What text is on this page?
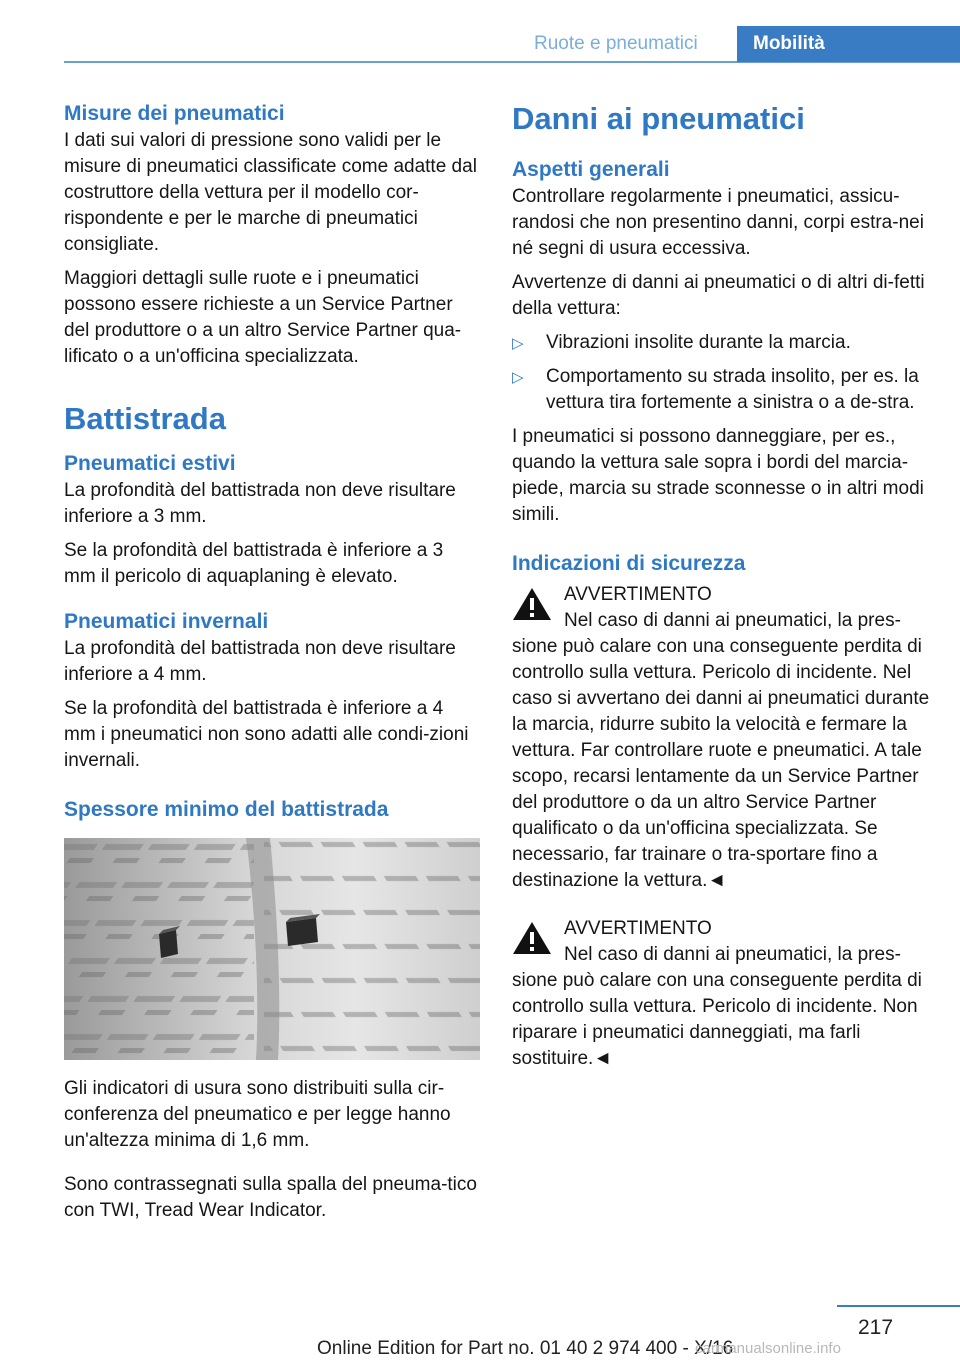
Ruote e pneumatici	Mobilità
Misure dei pneumatici

I dati sui valori di pressione sono validi per le misure di pneumatici classificate come adatte dal costruttore della vettura per il modello cor-rispondente e per le marche di pneumatici consigliate.

Maggiori dettagli sulle ruote e i pneumatici possono essere richieste a un Service Partner del produttore o a un altro Service Partner qua-lificato o a un'officina specializzata.

Battistrada
Pneumatici estivi

La profondità del battistrada non deve risultare inferiore a 3 mm.

Se la profondità del battistrada è inferiore a 3 mm il pericolo di aquaplaning è elevato.

Pneumatici invernali

La profondità del battistrada non deve risultare inferiore a 4 mm.

Se la profondità del battistrada è inferiore a 4 mm i pneumatici non sono adatti alle condi-zioni invernali.

Spessore minimo del battistrada

Gli indicatori di usura sono distribuiti sulla cir-conferenza del pneumatico e per legge hanno un'altezza minima di 1,6 mm.

Sono contrassegnati sulla spalla del pneuma-tico con TWI, Tread Wear Indicator.

Danni ai pneumatici
Aspetti generali

Controllare regolarmente i pneumatici, assicu-randosi che non presentino danni, corpi estra-nei né segni di usura eccessiva.

Avvertenze di danni ai pneumatici o di altri di-fetti della vettura:

▷ Vibrazioni insolite durante la marcia.
▷ Comportamento su strada insolito, per es. la vettura tira fortemente a sinistra o a de-stra.

I pneumatici si possono danneggiare, per es., quando la vettura sale sopra i bordi del marcia-piede, marcia su strade sconnesse o in altri modi simili.

Indicazioni di sicurezza
AVVERTIMENTO
Nel caso di danni ai pneumatici, la pres-
sione può calare con una conseguente perdita di controllo sulla vettura. Pericolo di incidente. Nel caso si avvertano dei danni ai pneumatici durante la marcia, ridurre subito la velocità e fermare la vettura. Far controllare ruote e pneumatici. A tale scopo, recarsi lentamente da un Service Partner del produttore o da un altro Service Partner qualificato o da un'officina specializzata. Se necessario, far trainare o tra-sportare fino a destinazione la vettura.◄
AVVERTIMENTO
Nel caso di danni ai pneumatici, la pres-
sione può calare con una conseguente perdita di controllo sulla vettura. Pericolo di incidente. Non riparare i pneumatici danneggiati, ma farli sostituire.◄
217
Online Edition for Part no. 01 40 2 974 400 - X/16
carmanualsonline.info
